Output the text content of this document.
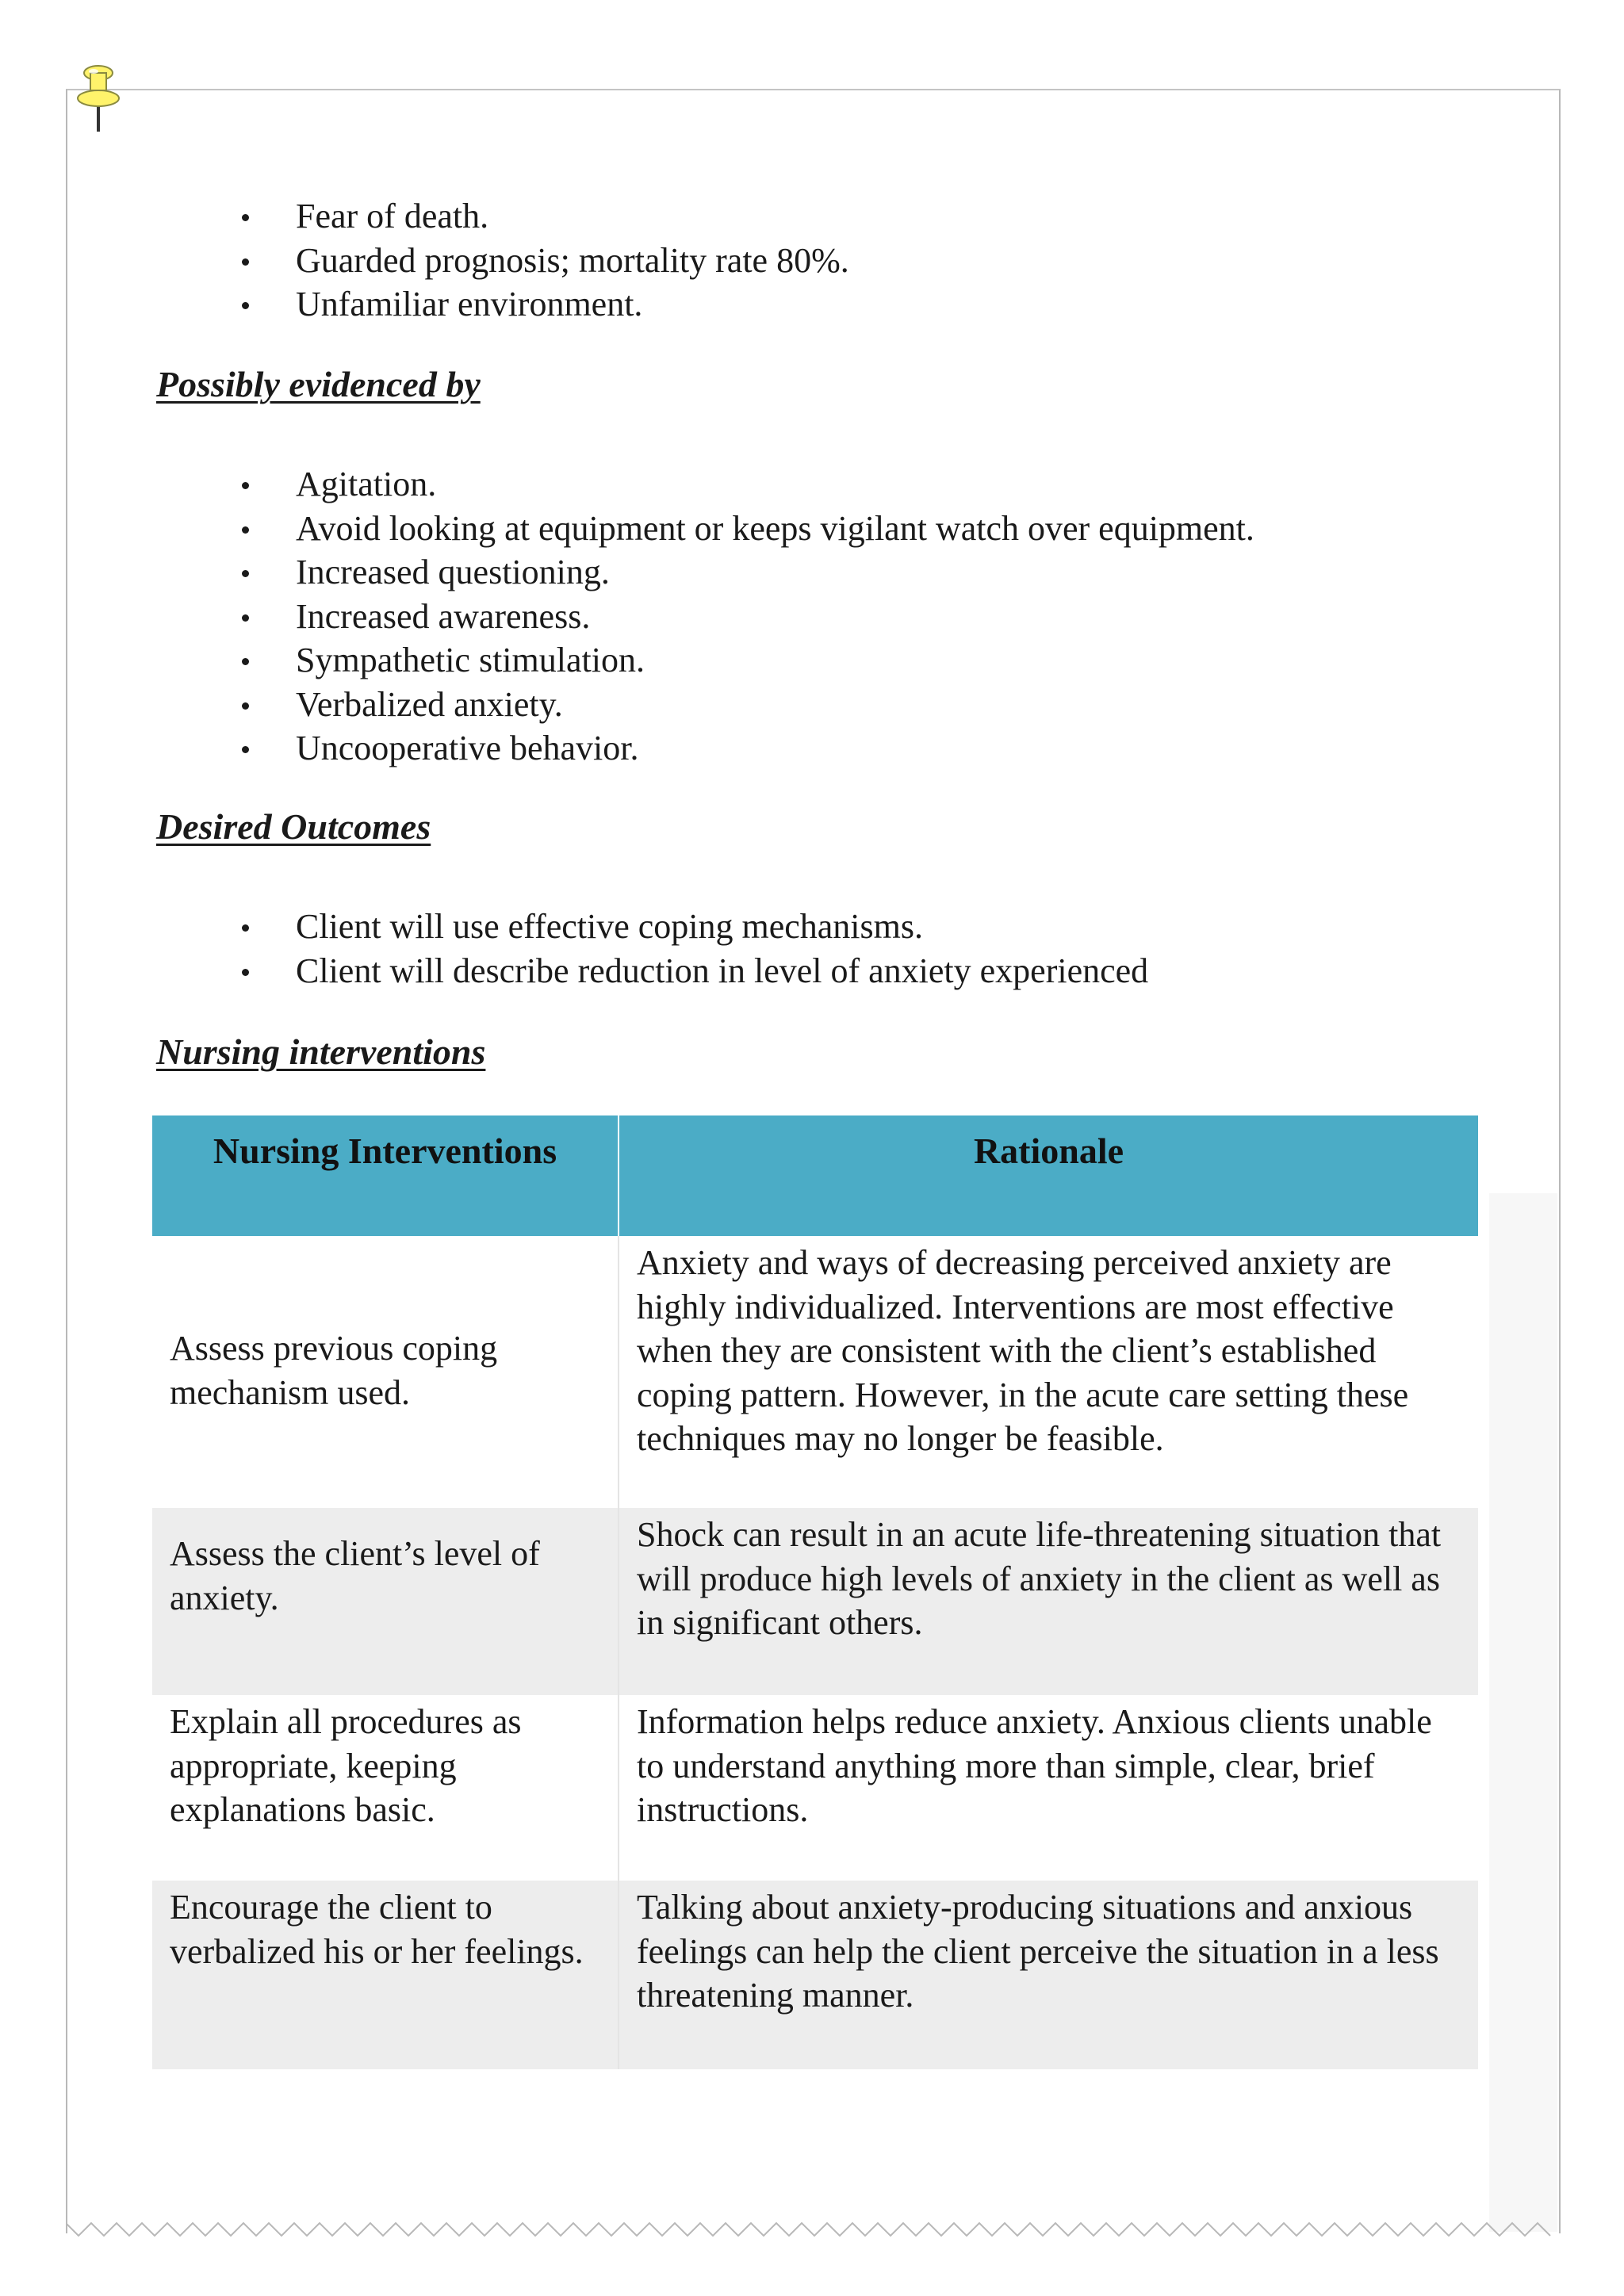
Fear of death.
Guarded prognosis; mortality rate 80%.
Unfamiliar environment.
Possibly evidenced by
Agitation.
Avoid looking at equipment or keeps vigilant watch over equipment.
Increased questioning.
Increased awareness.
Sympathetic stimulation.
Verbalized anxiety.
Uncooperative behavior.
Desired Outcomes
Client will use effective coping mechanisms.
Client will describe reduction in level of anxiety experienced
Nursing interventions
Nursing Interventions	Rationale
Assess previous coping mechanism used.	Anxiety and ways of decreasing perceived anxiety are highly individualized. Interventions are most effective when they are consistent with the client’s established coping pattern. However, in the acute care setting these techniques may no longer be feasible.
Assess the client’s level of anxiety.	Shock can result in an acute life-threatening situation that will produce high levels of anxiety in the client as well as in significant others.
Explain all procedures as appropriate, keeping explanations basic.	Information helps reduce anxiety. Anxious clients unable to understand anything more than simple, clear, brief instructions.
Encourage the client to verbalized his or her feelings.	Talking about anxiety-producing situations and anxious feelings can help the client perceive the situation in a less threatening manner.
